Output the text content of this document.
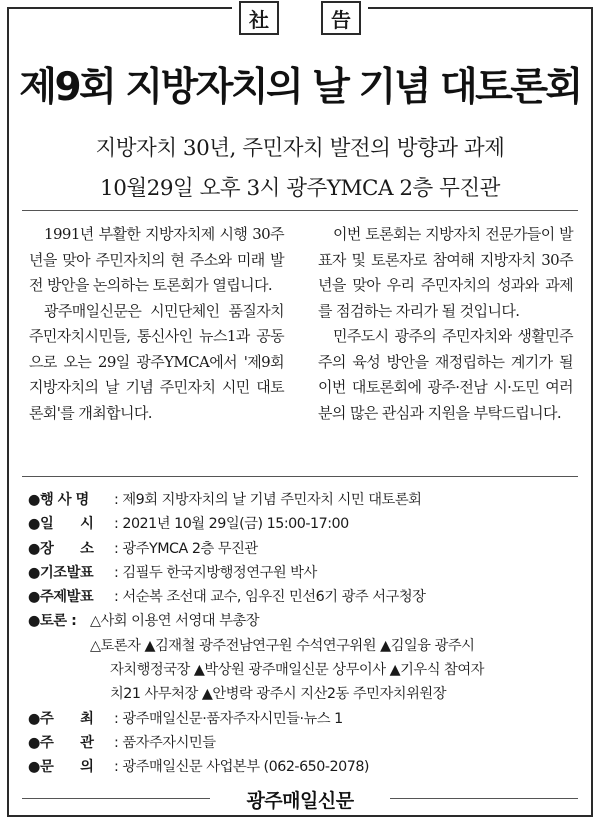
社	告
제9회 지방자치의 날 기념 대토론회
지방자치 30년, 주민자치 발전의 방향과 과제
10월29일 오후 3시 광주YMCA 2층 무진관

1991년 부활한 지방자치제 시행 30주년을 맞아 주민자치의 현 주소와 미래 발전 방안을 논의하는 토론회가 열립니다.

광주매일신문은 시민단체인 품질자치주민자치시민들, 통신사인 뉴스1과 공동으로 오는 29일 광주YMCA에서 '제9회 지방자치의 날 기념 주민자치 시민 대토론회'를 개최합니다.

이번 토론회는 지방자치 전문가들이 발표자 및 토론자로 참여해 지방자치 30주년을 맞아 우리 주민자치의 성과와 과제를 점검하는 자리가 될 것입니다.

민주도시 광주의 주민자치와 생활민주주의 육성 방안을 재정립하는 계기가 될 이번 대토론회에 광주·전남 시·도민 여러분의 많은 관심과 지원을 부탁드립니다.

●행 사 명	: 제9회 지방자치의 날 기념 주민자치 시민 대토론회
●일      시	: 2021년 10월 29일(금) 15:00-17:00
●장      소	: 광주YMCA 2층 무진관
●기조발표	: 김필두 한국지방행정연구원 박사
●주제발표	: 서순복 조선대 교수, 임우진 민선6기 광주 서구청장
●토론 : △사회 이용연 서영대 부총장
△토론자 ▲김재철 광주전남연구원 수석연구위원 ▲김일융 광주시
자치행정국장 ▲박상원 광주매일신문 상무이사 ▲기우식 참여자
치21 사무처장 ▲안병락 광주시 지산2동 주민자치위원장
●주      최	: 광주매일신문·품자주자시민들·뉴스 1
●주      관	: 품자주자시민들
●문      의	: 광주매일신문 사업본부 (062-650-2078)
광주매일신문
